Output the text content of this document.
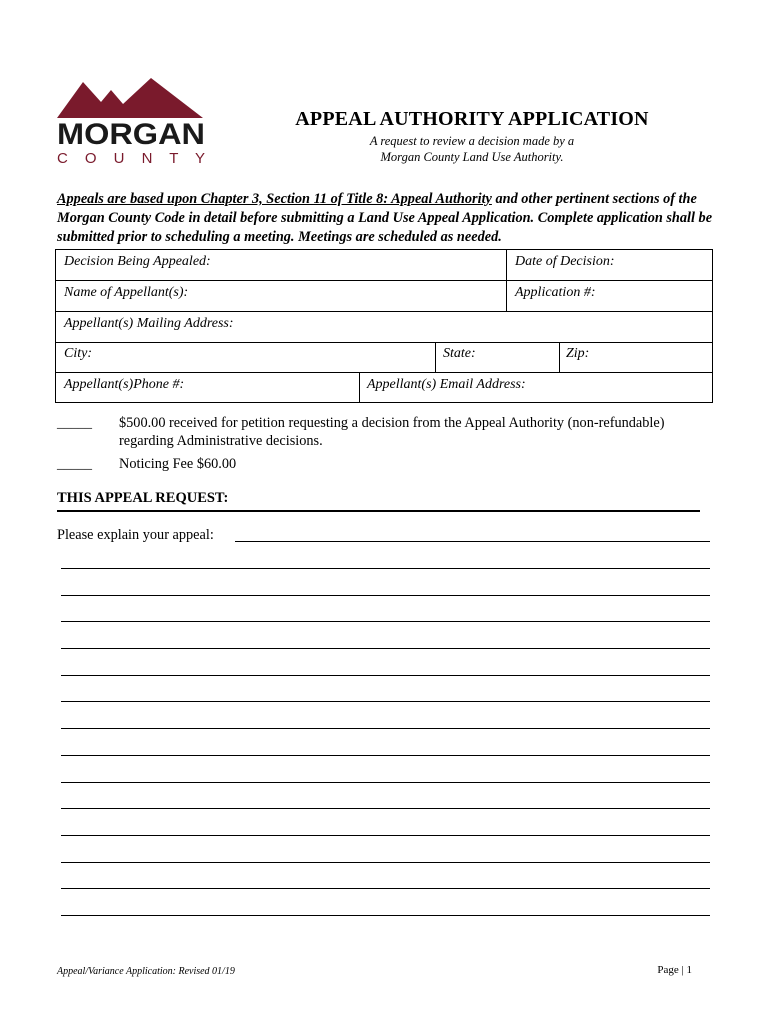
MORGAN
C O U N T Y
APPEAL AUTHORITY APPLICATION
A request to review a decision made by a
Morgan County Land Use Authority.
Appeals are based upon Chapter 3, Section 11 of Title 8: Appeal Authority and other pertinent sections of the Morgan County Code in detail before submitting a Land Use Appeal Application. Complete application shall be submitted prior to scheduling a meeting. Meetings are scheduled as needed.
Decision Being Appealed:	Date of Decision:
Name of Appellant(s):	Application #:
Appellant(s) Mailing Address:
City:	State:	Zip:
Appellant(s)Phone #:	Appellant(s) Email Address:
_____ $500.00 received for petition requesting a decision from the Appeal Authority (non-refundable) regarding Administrative decisions.
_____ Noticing Fee $60.00
THIS APPEAL REQUEST:
Please explain your appeal:
Appeal/Variance Application: Revised 01/19	Page | 1
